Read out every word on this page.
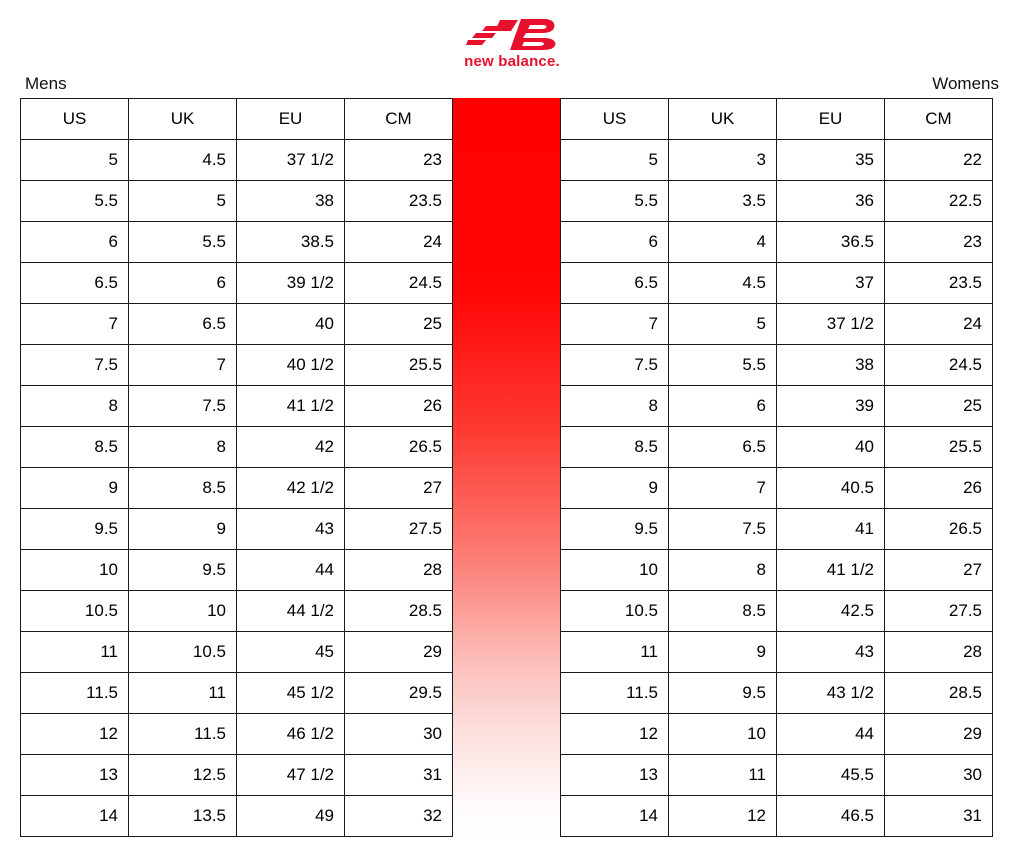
new balance.
Mens	Womens
US	UK	EU	CM
5	4.5	37 1/2	23
5.5	5	38	23.5
6	5.5	38.5	24
6.5	6	39 1/2	24.5
7	6.5	40	25
7.5	7	40 1/2	25.5
8	7.5	41 1/2	26
8.5	8	42	26.5
9	8.5	42 1/2	27
9.5	9	43	27.5
10	9.5	44	28
10.5	10	44 1/2	28.5
11	10.5	45	29
11.5	11	45 1/2	29.5
12	11.5	46 1/2	30
13	12.5	47 1/2	31
14	13.5	49	32
US	UK	EU	CM
5	3	35	22
5.5	3.5	36	22.5
6	4	36.5	23
6.5	4.5	37	23.5
7	5	37 1/2	24
7.5	5.5	38	24.5
8	6	39	25
8.5	6.5	40	25.5
9	7	40.5	26
9.5	7.5	41	26.5
10	8	41 1/2	27
10.5	8.5	42.5	27.5
11	9	43	28
11.5	9.5	43 1/2	28.5
12	10	44	29
13	11	45.5	30
14	12	46.5	31
